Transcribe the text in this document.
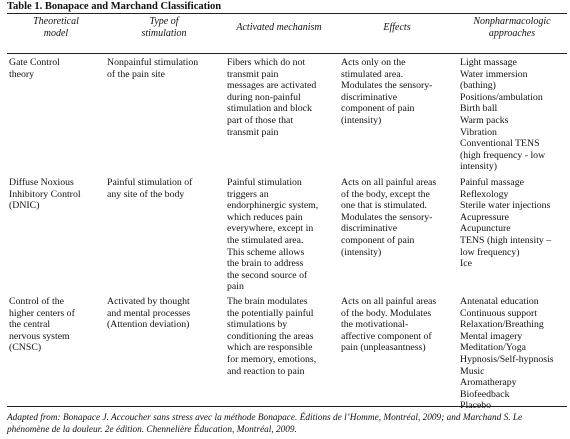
Table 1. Bonapace and Marchand Classification
Theoretical
model
Type of
stimulation	Activated mechanism	Effects
Nonpharmacologic
approaches
Gate Control
theory
Nonpainful stimulation
of the pain site
Fibers which do not
transmit pain
messages are activated
during non-painful
stimulation and block
part of those that
transmit pain
Acts only on the
stimulated area.
Modulates the sensory-
discriminative
component of pain
(intensity)
Light massage
Water immersion
(bathing)
Positions/ambulation
Birth ball
Warm packs
Vibration
Conventional TENS
(high frequency - low
intensity)
Diffuse Noxious
Inhibitory Control
(DNIC)
Painful stimulation of
any site of the body
Painful stimulation
triggers an
endorphinergic system,
which reduces pain
everywhere, except in
the stimulated area.
This scheme allows
the brain to address
the second source of
pain
Acts on all painful areas
of the body, except the
one that is stimulated.
Modulates the sensory-
discriminative
component of pain
(intensity)
Painful massage
Reflexology
Sterile water injections
Acupressure
Acupuncture
TENS (high intensity –
low frequency)
Ice
Control of the
higher centers of
the central
nervous system
(CNSC)
Activated by thought
and mental processes
(Attention deviation)
The brain modulates
the potentially painful
stimulations by
conditioning the areas
which are responsible
for memory, emotions,
and reaction to pain
Acts on all painful areas
of the body. Modulates
the motivational-
affective component of
pain (unpleasantness)
Antenatal education
Continuous support
Relaxation/Breathing
Mental imagery
Meditation/Yoga
Hypnosis/Self-hypnosis
Music
Aromatherapy
Biofeedback
Placebo
Adapted from: Bonapace J. Accoucher sans stress avec la méthode Bonapace. Éditions de l’Homme, Montréal, 2009; and Marchand S. Le
phénomène de la douleur. 2e édition. Chennelière Éducation, Montréal, 2009.
